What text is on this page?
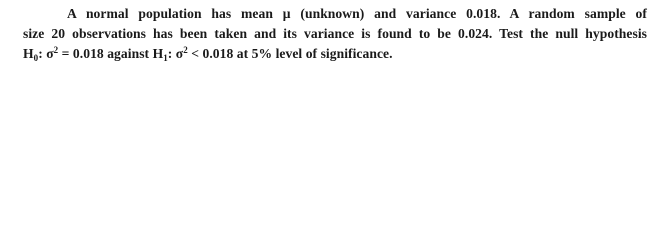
A normal population has mean μ (unknown) and variance 0.018. A random sample of
size 20 observations has been taken and its variance is found to be 0.024. Test the null hypothesis
$H_0$: $\sigma^2 = 0.018$ against $H_1$: $\sigma^2 < 0.018$ at 5% level of significance.
